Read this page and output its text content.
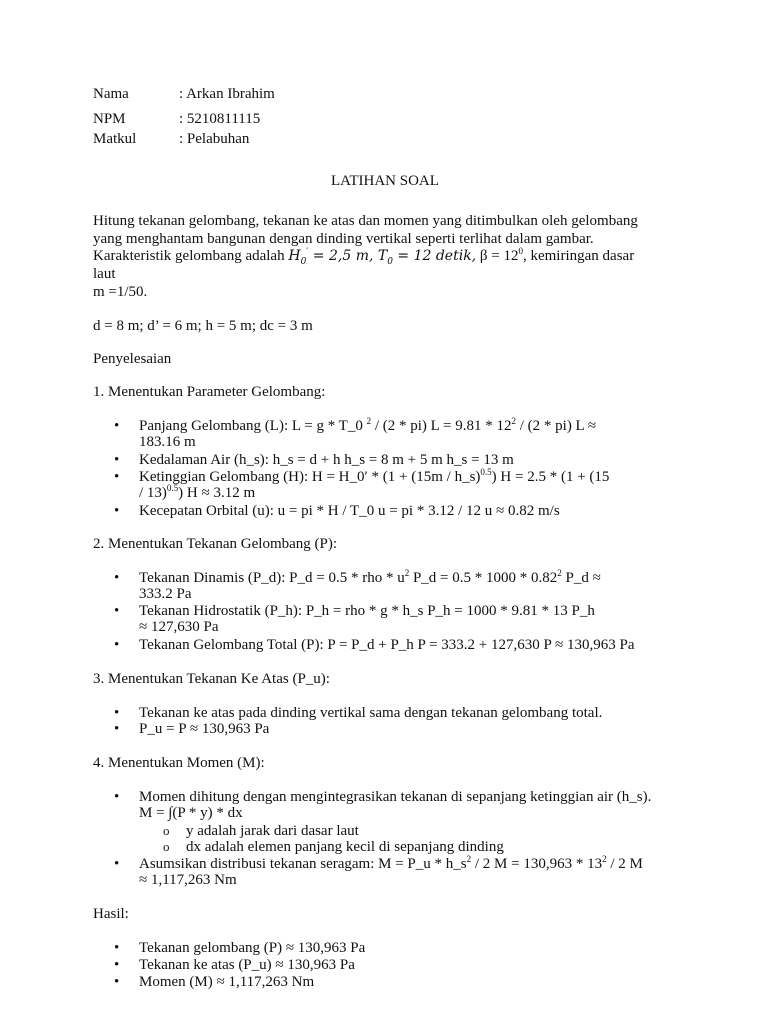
Nama	: Arkan Ibrahim
NPM	: 5210811115
Matkul	: Pelabuhan
LATIHAN SOAL
Hitung tekanan gelombang, tekanan ke atas dan momen yang ditimbulkan oleh gelombang
yang menghantam bangunan dengan dinding vertikal seperti terlihat dalam gambar.
Karakteristik gelombang adalah $H_0' = 2,5$ m, $T_0 = 12$ detik, $\beta = 12^0$, kemiringan dasar
laut
m =1/50.
d = 8 m; d’ = 6 m; h = 5 m; dc = 3 m
Penyelesaian
1. Menentukan Parameter Gelombang:
• Panjang Gelombang (L): L = g * T_0 $^2$ / (2 * pi) $L = 9.81 * 12^2 / (2 * pi) L$ ≈
183.16 m
• Kedalaman Air (h_s): h_s = d + h h_s = 8 m + 5 m h_s = 13 m
• Ketinggian Gelombang (H): H = H_0′ * (1 + (15m / h_s)$^{0.5}$) H = 2.5 * (1 + (15
/ 13)$^{0.5}$) H ≈ 3.12 m
• Kecepatan Orbital (u): u = pi * H / T_0 u = pi * 3.12 / 12 u ≈ 0.82 m/s
2. Menentukan Tekanan Gelombang (P):
• Tekanan Dinamis (P_d): P_d = 0.5 * rho * $u^2$ P_d = 0.5 * 1000 * 0.82$^2$ P_d ≈
333.2 Pa
• Tekanan Hidrostatik (P_h): P_h = rho * g * h_s P_h = 1000 * 9.81 * 13 P_h
≈ 127,630 Pa
• Tekanan Gelombang Total (P): P = P_d + P_h P = 333.2 + 127,630 P ≈ 130,963 Pa
3. Menentukan Tekanan Ke Atas (P_u):
• Tekanan ke atas pada dinding vertikal sama dengan tekanan gelombang total.
• P_u = P ≈ 130,963 Pa
4. Menentukan Momen (M):
• Momen dihitung dengan mengintegrasikan tekanan di sepanjang ketinggian air (h_s).
M = ∫(P * y) * dx
o y adalah jarak dari dasar laut
o dx adalah elemen panjang kecil di sepanjang dinding
• Asumsikan distribusi tekanan seragam: M = P_u * $h\_s^2 / 2$ $M = 130,963 * 13^2 / 2$ M
≈ 1,117,263 Nm
Hasil:
• Tekanan gelombang (P) ≈ 130,963 Pa
• Tekanan ke atas (P_u) ≈ 130,963 Pa
• Momen (M) ≈ 1,117,263 Nm
